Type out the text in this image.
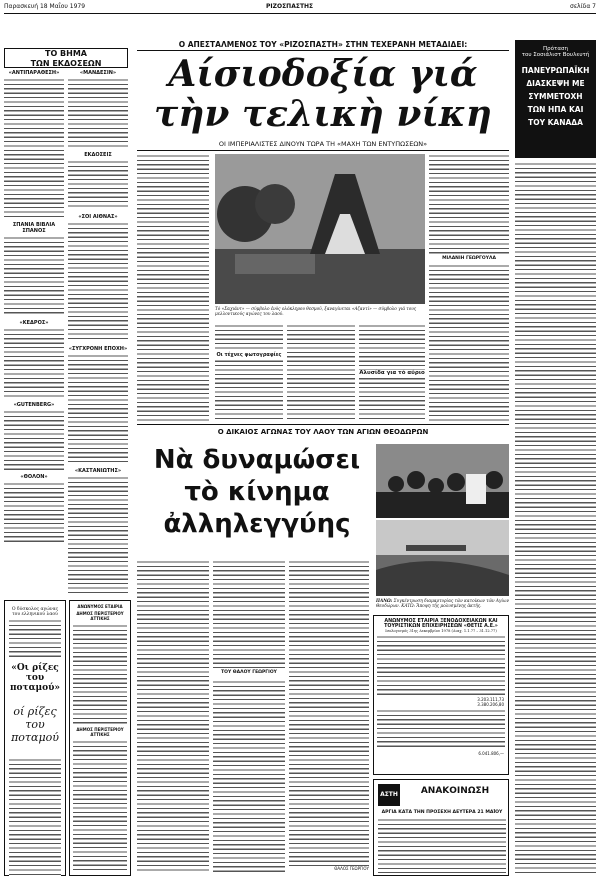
Παρασκευή 18 Μαΐου 1979	ΡΙΖΟΣΠΑΣΤΗΣ	σελίδα 7
ΤΟ ΒΗΜΑ
ΤΩΝ ΕΚΔΟΣΕΩΝ
«ΑΝΤΙΠΑΡΑΘΕΣΗ»
ΣΠΑΝΙΑ ΒΙΒΛΙΑ ΣΠΑΝΟΣ
«ΚΕΔΡΟΣ»
«GUTENBERG»
«ΘΟΛΟΝ»
«ΜΑΝΔΕΣΙΝ»
ΕΚΔΟΣΕΙΣ
«ΣΟΙ ΑΙΘΝΑΣ»
«ΣΥΓΧΡΟΝΗ ΕΠΟΧΗ»
«ΚΑΣΤΑΝΙΩΤΗΣ»
Ο δύσκολος αγώνας του ελληνικού λαού
«Οι ρίζες του ποταμού»
οί ρίζες
του ποταμού
ΑΝΩΝΥΜΟΣ ΕΤΑΙΡΙΑ
ΔΗΜΟΣ ΠΕΡΙΣΤΕΡΙΟΥ ΑΤΤΙΚΗΣ
ΔΗΜΟΣ ΠΕΡΙΣΤΕΡΙΟΥ ΑΤΤΙΚΗΣ
Ο ΑΠΕΣΤΑΛΜΕΝΟΣ ΤΟΥ «ΡΙΖΟΣΠΑΣΤΗ» ΣΤΗΝ ΤΕΧΕΡΑΝΗ ΜΕΤΑΔΙΔΕΙ:
Αίσιοδοξία γιά
τὴν τελικὴ νίκη
ΟΙ ΙΜΠΕΡΙΑΛΙΣΤΕΣ ΔΙΝΟΥΝ ΤΩΡΑ ΤΗ «ΜΑΧΗ ΤΩΝ ΕΝΤΥΠΩΣΕΩΝ»
Τὸ «Σαχιάντ» — σύμβολο ἑνὸς ολόκληρου θεσμοῦ, ξαναγίνεται «Αζαντί» — σύμβολο γιά τους μελλοντικούς αγώνες του λαού.
Οι τέχνες φωτογραφίες
Αλυσίδα για τό αύριο
ΜΙΛΑΝΙΗ ΓΕΩΡΓΟΥΛΑ
Πρόταση
του Σοσιάλιστ Βουλευτή
ΠΑΝΕΥΡΩΠΑΪΚΗ ΔΙΑΣΚΕΨΗ ΜΕ ΣΥΜΜΕΤΟΧΗ ΤΩΝ ΗΠΑ ΚΑΙ ΤΟΥ ΚΑΝΑΔΑ
Ο ΔΙΚΑΙΟΣ ΑΓΩΝΑΣ ΤΟΥ ΛΑΟΥ ΤΩΝ ΑΓΙΩΝ ΘΕΟΔΩΡΩΝ
Νὰ δυναμώσει
τὸ κίνημα
ἀλληλεγγύης
ΠΑΝΩ: Συγκέντρωση διαμαρτυρίας τῶν κατοίκων τῶν Αγίων Θεοδώρων. ΚΑΤΩ: Ἄποψη τῆς μολυσμένης ἀκτῆς.
ΤΟΥ ΘΑΛΟΥ ΓΕΩΡΓΙΟΥ
ΘΑΛΟΣ ΓΕΩΡΓΙΟΥ
ΑΝΩΝΥΜΟΣ ΕΤΑΙΡΙΑ ΞΕΝΟΔΟΧΕΙΑΚΩΝ ΚΑΙ
ΤΟΥΡΙΣΤΙΚΩΝ ΕΠΙΧΕΙΡΗΣΕΩΝ «ΘΕΤΙΣ Α.Ε.»
Ισολογισμός 31ης Δεκεμβρίου 1978 (Διαχ. 1.1.77 – 31.12.77)
3.203.111,73
3.380.206,80
6.041.806,—
ΑΣΤΗ	ΑΝΑΚΟΙΝΩΣΗ
ΑΡΓΙΑ ΚΑΤΑ ΤΗΝ ΠΡΟΣΕΧΗ ΔΕΥΤΕΡΑ 21 ΜΑΪΟΥ
